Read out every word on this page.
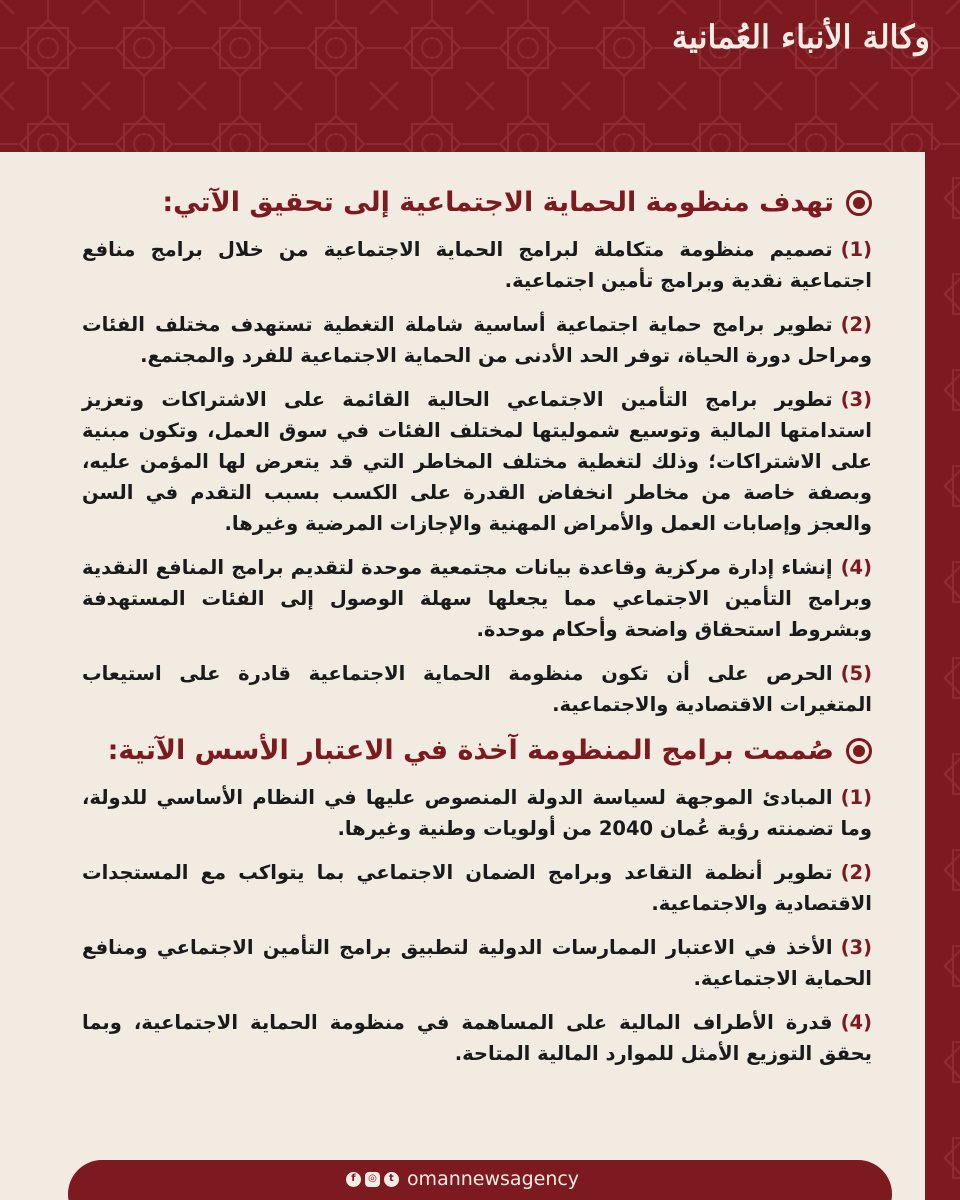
وكالة الأنباء العُمانية
تهدف منظومة الحماية الاجتماعية إلى تحقيق الآتي:
(1)تصميم منظومة متكاملة لبرامج الحماية الاجتماعية من خلال برامج منافع اجتماعية نقدية وبرامج تأمين اجتماعية.
(2)تطوير برامج حماية اجتماعية أساسية شاملة التغطية تستهدف مختلف الفئات ومراحل دورة الحياة، توفر الحد الأدنى من الحماية الاجتماعية للفرد والمجتمع.
(3)تطوير برامج التأمين الاجتماعي الحالية القائمة على الاشتراكات وتعزيز استدامتها المالية وتوسيع شموليتها لمختلف الفئات في سوق العمل، وتكون مبنية على الاشتراكات؛ وذلك لتغطية مختلف المخاطر التي قد يتعرض لها المؤمن عليه، وبصفة خاصة من مخاطر انخفاض القدرة على الكسب بسبب التقدم في السن والعجز وإصابات العمل والأمراض المهنية والإجازات المرضية وغيرها.
(4)إنشاء إدارة مركزية وقاعدة بيانات مجتمعية موحدة لتقديم برامج المنافع النقدية وبرامج التأمين الاجتماعي مما يجعلها سهلة الوصول إلى الفئات المستهدفة وبشروط استحقاق واضحة وأحكام موحدة.
(5)الحرص على أن تكون منظومة الحماية الاجتماعية قادرة على استيعاب المتغيرات الاقتصادية والاجتماعية.
صُممت برامج المنظومة آخذة في الاعتبار الأسس الآتية:
(1)المبادئ الموجهة لسياسة الدولة المنصوص عليها في النظام الأساسي للدولة، وما تضمنته رؤية عُمان 2040 من أولويات وطنية وغيرها.
(2)تطوير أنظمة التقاعد وبرامج الضمان الاجتماعي بما يتواكب مع المستجدات الاقتصادية والاجتماعية.
(3)الأخذ في الاعتبار الممارسات الدولية لتطبيق برامج التأمين الاجتماعي ومنافع الحماية الاجتماعية.
(4)قدرة الأطراف المالية على المساهمة في منظومة الحماية الاجتماعية، وبما يحقق التوزيع الأمثل للموارد المالية المتاحة.
f	◎	t omannewsagency
